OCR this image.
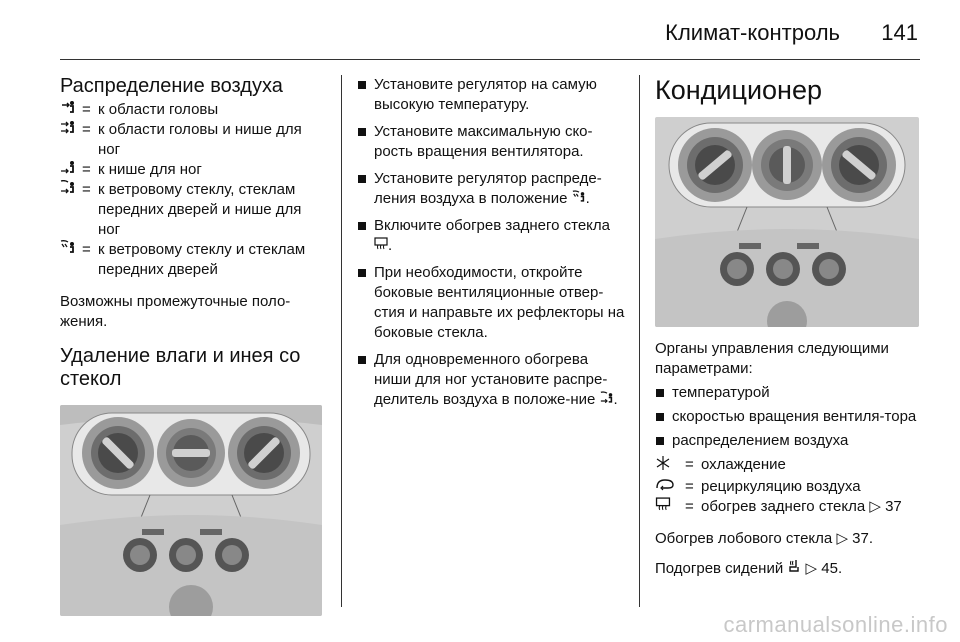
Климат-контроль 141
Распределение воздуха
= к области головы
= к области головы и нише для ног
= к нише для ног
= к ветровому стеклу, стеклам передних дверей и нише для ног
= к ветровому стеклу и стеклам передних дверей

Возможны промежуточные поло-жения.

Удаление влаги и инея со стекол
Установите регулятор на самую высокую температуру.
Установите максимальную ско-рость вращения вентилятора.
Установите регулятор распреде-ления воздуха в положение .
Включите обогрев заднего стекла .
При необходимости, откройте боковые вентиляционные отвер-стия и направьте их рефлекторы на боковые стекла.
Для одновременного обогрева ниши для ног установите распре-делитель воздуха в положе-ние .
Кондиционер

Органы управления следующими параметрами:

температурой
скоростью вращения вентиля-тора
распределением воздуха
= охлаждение
= рециркуляцию воздуха
= обогрев заднего стекла ▷ 37

Обогрев лобового стекла ▷ 37.

Подогрев сидений ▷ 45.

carmanualsonline.info
